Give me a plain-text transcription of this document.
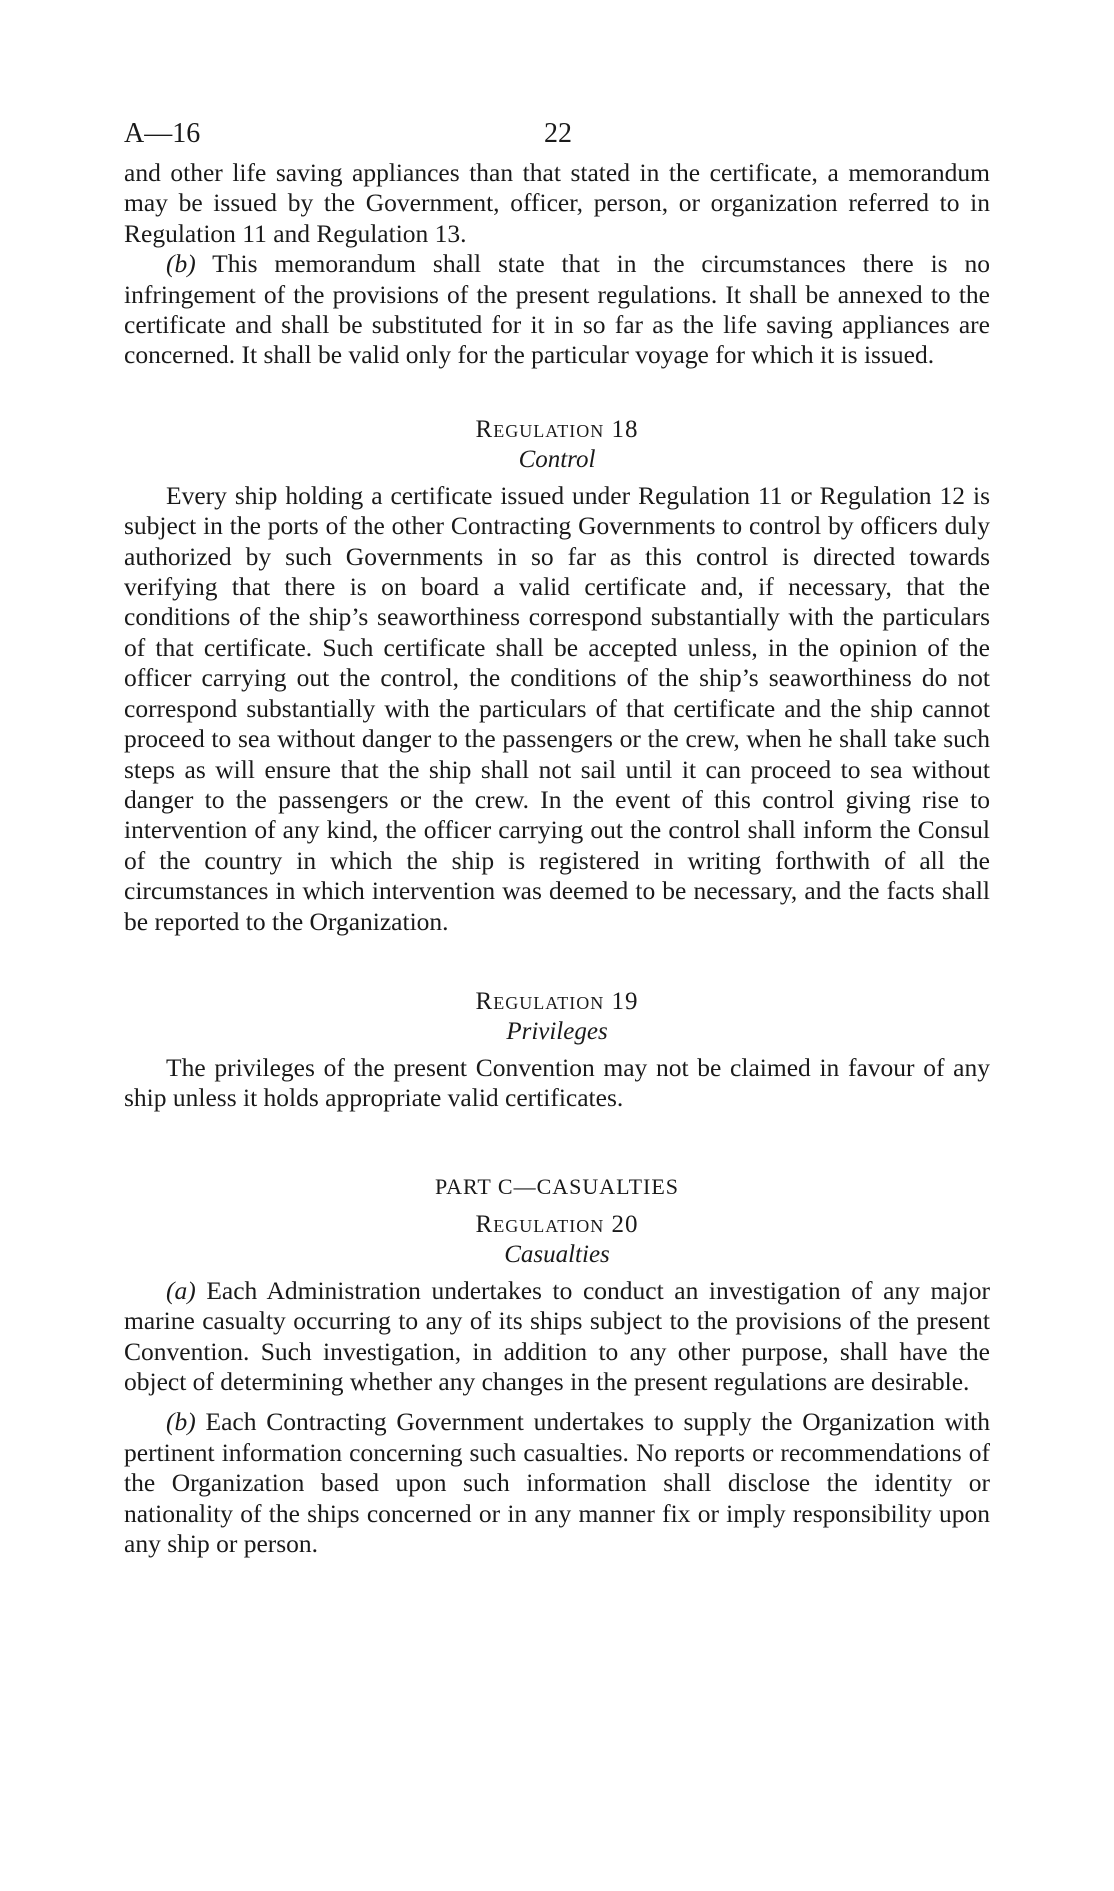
A—16	22

and other life saving appliances than that stated in the certificate, a memorandum may be issued by the Government, officer, person, or organization referred to in Regulation 11 and Regulation 13.

(b) This memorandum shall state that in the circumstances there is no infringement of the provisions of the present regulations. It shall be annexed to the certificate and shall be substituted for it in so far as the life saving appliances are concerned. It shall be valid only for the particular voyage for which it is issued.

Regulation 18
Control

Every ship holding a certificate issued under Regulation 11 or Regulation 12 is subject in the ports of the other Contracting Governments to control by officers duly authorized by such Governments in so far as this control is directed towards verifying that there is on board a valid certificate and, if necessary, that the conditions of the ship’s seaworthiness correspond substantially with the particulars of that certificate. Such certificate shall be accepted unless, in the opinion of the officer carrying out the control, the conditions of the ship’s seaworthiness do not correspond substantially with the particulars of that certificate and the ship cannot proceed to sea without danger to the passengers or the crew, when he shall take such steps as will ensure that the ship shall not sail until it can proceed to sea without danger to the passengers or the crew. In the event of this control giving rise to intervention of any kind, the officer carrying out the control shall inform the Consul of the country in which the ship is registered in writing forthwith of all the circumstances in which intervention was deemed to be necessary, and the facts shall be reported to the Organization.

Regulation 19
Privileges

The privileges of the present Convention may not be claimed in favour of any ship unless it holds appropriate valid certificates.

PART C—CASUALTIES
Regulation 20
Casualties

(a) Each Administration undertakes to conduct an investigation of any major marine casualty occurring to any of its ships subject to the provisions of the present Convention. Such investigation, in addition to any other purpose, shall have the object of determining whether any changes in the present regulations are desirable.

(b) Each Contracting Government undertakes to supply the Organization with pertinent information concerning such casualties. No reports or recommendations of the Organization based upon such information shall disclose the identity or nationality of the ships concerned or in any manner fix or imply responsibility upon any ship or person.
